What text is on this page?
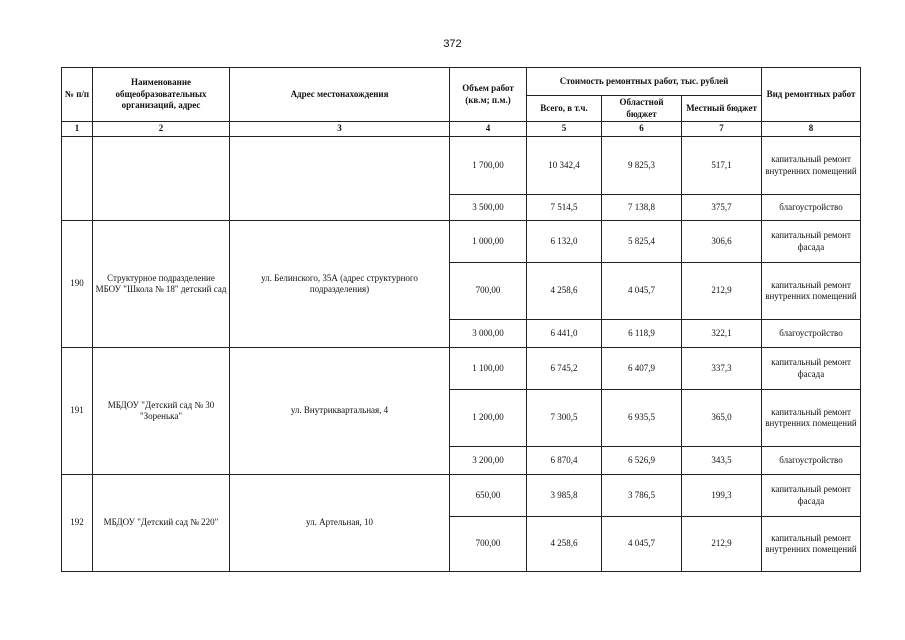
372
№ п/п	Наименование общеобразовательных организаций, адрес	Адрес местонахождения	Объем работ (кв.м; п.м.)	Стоимость ремонтных работ, тыс. рублей			Вид ремонтных работ
				Всего, в т.ч.	Областной бюджет	Местный бюджет	
1	2	3	4	5	6	7	8
			1 700,00	10 342,4	9 825,3	517,1	капитальный ремонт внутренних помещений
			3 500,00	7 514,5	7 138,8	375,7	благоустройство
190	Структурное подразделение МБОУ "Школа № 18" детский сад	ул. Белинского, 35А (адрес структурного подразделения)	1 000,00	6 132,0	5 825,4	306,6	капитальный ремонт фасада
			700,00	4 258,6	4 045,7	212,9	капитальный ремонт внутренних помещений
			3 000,00	6 441,0	6 118,9	322,1	благоустройство
191	МБДОУ "Детский сад № 30 "Зоренька"	ул. Внутриквартальная, 4	1 100,00	6 745,2	6 407,9	337,3	капитальный ремонт фасада
			1 200,00	7 300,5	6 935,5	365,0	капитальный ремонт внутренних помещений
			3 200,00	6 870,4	6 526,9	343,5	благоустройство
192	МБДОУ "Детский сад № 220"	ул. Артельная, 10	650,00	3 985,8	3 786,5	199,3	капитальный ремонт фасада
			700,00	4 258,6	4 045,7	212,9	капитальный ремонт внутренних помещений
